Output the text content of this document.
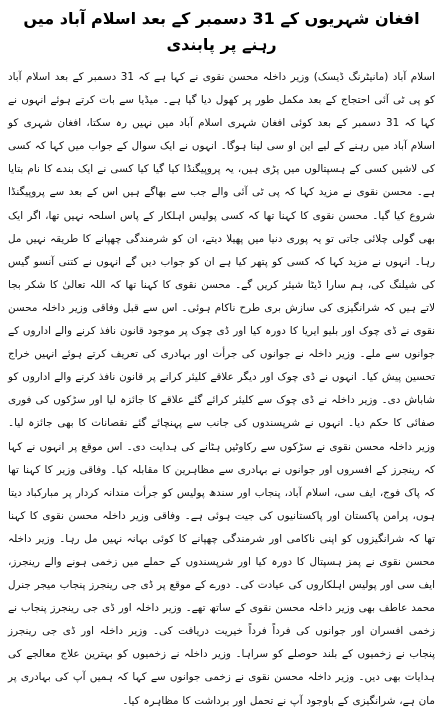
افغان شہریوں کے 31 دسمبر کے بعد اسلام آباد میں رہنے پر پابندی

اسلام آباد (مانیٹرنگ ڈیسک) وزیر داخلہ محسن نقوی نے کہا ہے کہ 31 دسمبر کے بعد اسلام آباد کو پی ٹی آئی احتجاج کے بعد مکمل طور پر کھول دیا گیا ہے۔ میڈیا سے بات کرتے ہوئے انہوں نے کہا کہ 31 دسمبر کے بعد کوئی افغان شہری اسلام آباد میں نہیں رہ سکتا، افغان شہری کو اسلام آباد میں رہنے کے لیے این او سی لینا ہوگا۔ انہوں نے ایک سوال کے جواب میں کہا کہ کسی کی لاشیں کسی کے ہسپتالوں میں پڑی ہیں، یہ پروپیگنڈا کیا گیا کیا کسی نے ایک بندے کا نام بتایا ہے۔ محسن نقوی نے مزید کہا کہ پی ٹی آئی والے جب سے بھاگے ہیں اس کے بعد سے پروپیگنڈا شروع کیا گیا۔ محسن نقوی کا کہنا تھا کہ کسی پولیس اہلکار کے پاس اسلحہ نہیں تھا، اگر ایک بھی گولی چلائی جاتی تو یہ پوری دنیا میں پھیلا دیتے، ان کو شرمندگی چھپانے کا طریقہ نہیں مل رہا۔ انہوں نے مزید کہا کہ کسی کو پتھر کیا ہے ان کو جواب دیں گے انہوں نے کتنی آنسو گیس کی شیلنگ کی، ہم سارا ڈیٹا شیئر کریں گے۔ محسن نقوی کا کہنا تھا کہ اللہ تعالیٰ کا شکر بجا لاتے ہیں کہ شرانگیزی کی سازش بری طرح ناکام ہوئی۔ اس سے قبل وفاقی وزیر داخلہ محسن نقوی نے ڈی چوک اور بلیو ایریا کا دورہ کیا اور ڈی چوک پر موجود قانون نافذ کرنے والے اداروں کے جوانوں سے ملے۔ وزیر داخلہ نے جوانوں کی جرأت اور بہادری کی تعریف کرتے ہوئے انہیں خراج تحسین پیش کیا۔ انہوں نے ڈی چوک اور دیگر علاقے کلیئر کرانے پر قانون نافذ کرنے والے اداروں کو شاباش دی۔ وزیر داخلہ نے ڈی چوک سے کلیئر کرائے گئے علاقے کا جائزہ لیا اور سڑکوں کی فوری صفائی کا حکم دیا۔ انہوں نے شرپسندوں کی جانب سے پہنچائے گئے نقصانات کا بھی جائزہ لیا۔ وزیر داخلہ محسن نقوی نے سڑکوں سے رکاوٹیں ہٹانے کی ہدایت دی۔ اس موقع پر انہوں نے کہا کہ رینجرز کے افسروں اور جوانوں نے بہادری سے مظاہرین کا مقابلہ کیا۔ وفاقی وزیر کا کہنا تھا کہ پاک فوج، ایف سی، اسلام آباد، پنجاب اور سندھ پولیس کو جرأت مندانہ کردار پر مبارکباد دیتا ہوں، پرامن پاکستان اور پاکستانیوں کی جیت ہوئی ہے۔ وفاقی وزیر داخلہ محسن نقوی کا کہنا تھا کہ شرانگیزوں کو اپنی ناکامی اور شرمندگی چھپانے کا کوئی بہانہ نہیں مل رہا۔ وزیر داخلہ محسن نقوی نے پمز ہسپتال کا دورہ کیا اور شرپسندوں کے حملے میں زخمی ہونے والے رینجرز، ایف سی اور پولیس اہلکاروں کی عیادت کی۔ دورے کے موقع پر ڈی جی رینجرز پنجاب میجر جنرل محمد عاطف بھی وزیر داخلہ محسن نقوی کے ساتھ تھے۔ وزیر داخلہ اور ڈی جی رینجرز پنجاب نے زخمی افسران اور جوانوں کی فرداً فرداً خیریت دریافت کی۔ وزیر داخلہ اور ڈی جی رینجرز پنجاب نے زخمیوں کے بلند حوصلے کو سراہا۔ وزیر داخلہ نے زخمیوں کو بہترین علاج معالجے کی ہدایات بھی دیں۔ وزیر داخلہ محسن نقوی نے زخمی جوانوں سے کہا کہ ہمیں آپ کی بہادری پر مان ہے، شرانگیزی کے باوجود آپ نے تحمل اور برداشت کا مظاہرہ کیا۔
